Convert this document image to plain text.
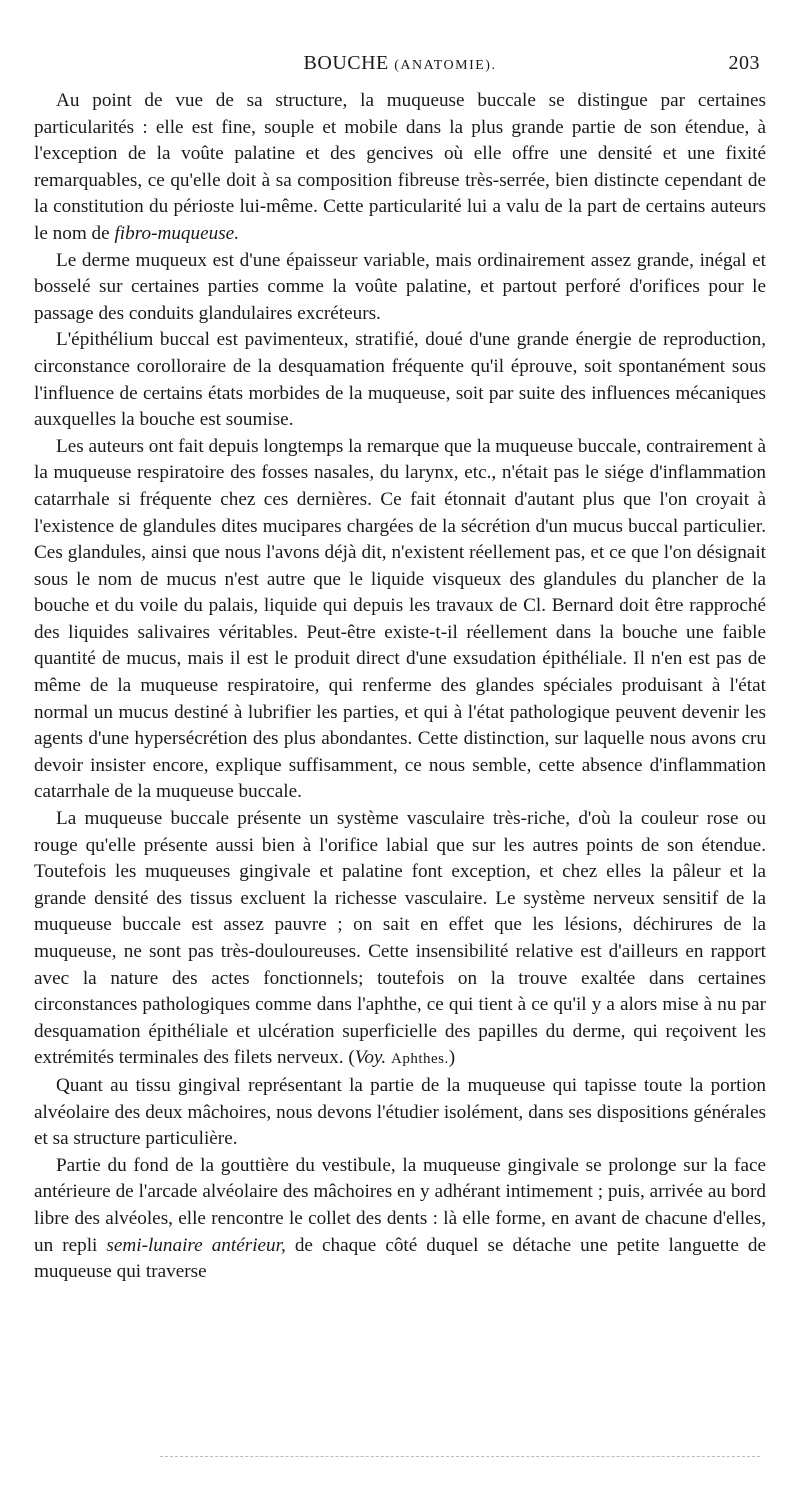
BOUCHE (ANATOMIE).	203

Au point de vue de sa structure, la muqueuse buccale se distingue par certaines particularités : elle est fine, souple et mobile dans la plus grande partie de son étendue, à l'exception de la voûte palatine et des gencives où elle offre une densité et une fixité remarquables, ce qu'elle doit à sa composition fibreuse très-serrée, bien distincte cependant de la constitution du périoste lui-même. Cette particularité lui a valu de la part de certains auteurs le nom de fibro-muqueuse.

Le derme muqueux est d'une épaisseur variable, mais ordinairement assez grande, inégal et bosselé sur certaines parties comme la voûte palatine, et partout perforé d'orifices pour le passage des conduits glandulaires excréteurs.

L'épithélium buccal est pavimenteux, stratifié, doué d'une grande énergie de reproduction, circonstance corolloraire de la desquamation fréquente qu'il éprouve, soit spontanément sous l'influence de certains états morbides de la muqueuse, soit par suite des influences mécaniques auxquelles la bouche est soumise.

Les auteurs ont fait depuis longtemps la remarque que la muqueuse buccale, contrairement à la muqueuse respiratoire des fosses nasales, du larynx, etc., n'était pas le siége d'inflammation catarrhale si fréquente chez ces dernières. Ce fait étonnait d'autant plus que l'on croyait à l'existence de glandules dites mucipares chargées de la sécrétion d'un mucus buccal particulier. Ces glandules, ainsi que nous l'avons déjà dit, n'existent réellement pas, et ce que l'on désignait sous le nom de mucus n'est autre que le liquide visqueux des glandules du plancher de la bouche et du voile du palais, liquide qui depuis les travaux de Cl. Bernard doit être rapproché des liquides salivaires véritables. Peut-être existe-t-il réellement dans la bouche une faible quantité de mucus, mais il est le produit direct d'une exsudation épithéliale. Il n'en est pas de même de la muqueuse respiratoire, qui renferme des glandes spéciales produisant à l'état normal un mucus destiné à lubrifier les parties, et qui à l'état pathologique peuvent devenir les agents d'une hypersécrétion des plus abondantes. Cette distinction, sur laquelle nous avons cru devoir insister encore, explique suffisamment, ce nous semble, cette absence d'inflammation catarrhale de la muqueuse buccale.

La muqueuse buccale présente un système vasculaire très-riche, d'où la couleur rose ou rouge qu'elle présente aussi bien à l'orifice labial que sur les autres points de son étendue. Toutefois les muqueuses gingivale et palatine font exception, et chez elles la pâleur et la grande densité des tissus excluent la richesse vasculaire. Le système nerveux sensitif de la muqueuse buccale est assez pauvre ; on sait en effet que les lésions, déchirures de la muqueuse, ne sont pas très-douloureuses. Cette insensibilité relative est d'ailleurs en rapport avec la nature des actes fonctionnels; toutefois on la trouve exaltée dans certaines circonstances pathologiques comme dans l'aphthe, ce qui tient à ce qu'il y a alors mise à nu par desquamation épithéliale et ulcération superficielle des papilles du derme, qui reçoivent les extrémités terminales des filets nerveux. (Voy. Aphthes.)

Quant au tissu gingival représentant la partie de la muqueuse qui tapisse toute la portion alvéolaire des deux mâchoires, nous devons l'étudier isolément, dans ses dispositions générales et sa structure particulière.

Partie du fond de la gouttière du vestibule, la muqueuse gingivale se prolonge sur la face antérieure de l'arcade alvéolaire des mâchoires en y adhérant intimement ; puis, arrivée au bord libre des alvéoles, elle rencontre le collet des dents : là elle forme, en avant de chacune d'elles, un repli semi-lunaire antérieur, de chaque côté duquel se détache une petite languette de muqueuse qui traverse
